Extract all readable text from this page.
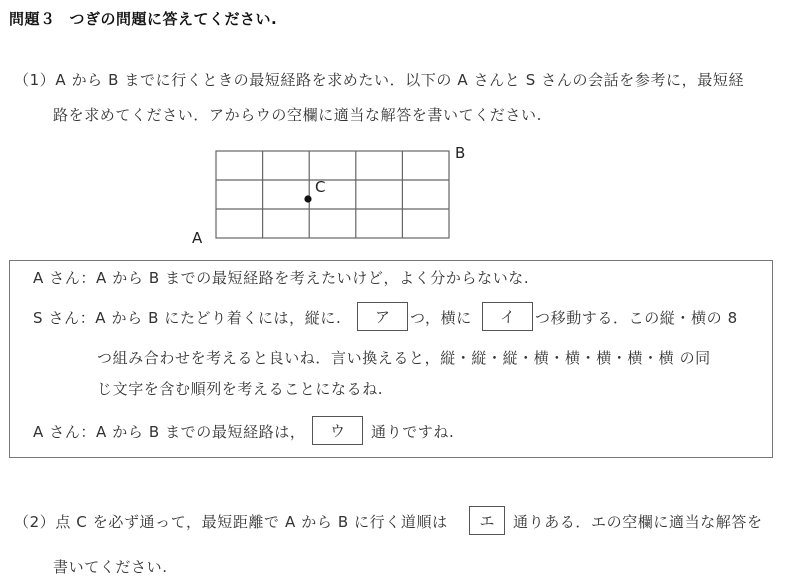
問題３ つぎの問題に答えてください.
（1）A から B までに行くときの最短経路を求めたい．以下の A さんと S さんの会話を参考に，最短経
路を求めてください．アからウの空欄に適当な解答を書いてください.
B
C
A
A さん：A から B までの最短経路を考えたいけど，よく分からないな.
S さん：A から B にたどり着くには，縦に. ア つ，横に イ つ移動する．この縦・横の 8
つ組み合わせを考えると良いね．言い換えると，縦・縦・縦・横・横・横・横・横 の同
じ文字を含む順列を考えることになるね.
A さん：A から B までの最短経路は， ウ 通りですね.
（2）点 C を必ず通って，最短距離で A から B に行く道順は エ 通りある．エの空欄に適当な解答を
書いてください.
